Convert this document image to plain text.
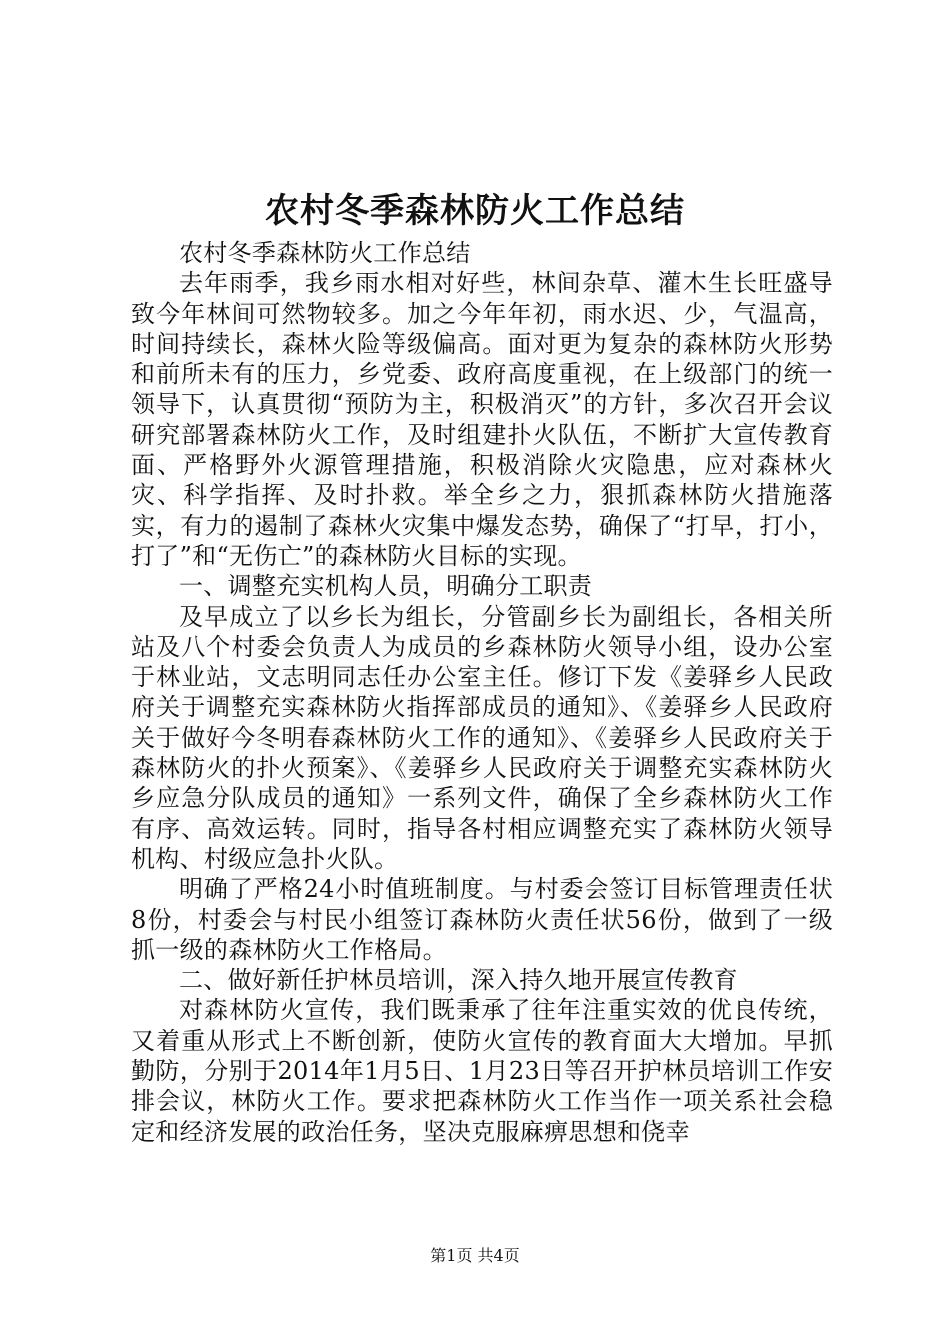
农村冬季森林防火工作总结

农村冬季森林防火工作总结

去年雨季，我乡雨水相对好些，林间杂草、灌木生长旺盛导致今年林间可然物较多。加之今年年初，雨水迟、少，气温高，时间持续长，森林火险等级偏高。面对更为复杂的森林防火形势和前所未有的压力，乡党委、政府高度重视，在上级部门的统一领导下，认真贯彻“预防为主，积极消灭”的方针，多次召开会议研究部署森林防火工作，及时组建扑火队伍，不断扩大宣传教育面、严格野外火源管理措施，积极消除火灾隐患，应对森林火灾、科学指挥、及时扑救。举全乡之力，狠抓森林防火措施落实，有力的遏制了森林火灾集中爆发态势，确保了“打早，打小，打了”和“无伤亡”的森林防火目标的实现。

一、调整充实机构人员，明确分工职责

及早成立了以乡长为组长，分管副乡长为副组长，各相关所站及八个村委会负责人为成员的乡森林防火领导小组，设办公室于林业站，文志明同志任办公室主任。修订下发《姜驿乡人民政府关于调整充实森林防火指挥部成员的通知》、《姜驿乡人民政府关于做好今冬明春森林防火工作的通知》、《姜驿乡人民政府关于森林防火的扑火预案》、《姜驿乡人民政府关于调整充实森林防火乡应急分队成员的通知》一系列文件，确保了全乡森林防火工作有序、高效运转。同时，指导各村相应调整充实了森林防火领导机构、村级应急扑火队。

明确了严格24小时值班制度。与村委会签订目标管理责任状8份，村委会与村民小组签订森林防火责任状56份，做到了一级抓一级的森林防火工作格局。

二、做好新任护林员培训，深入持久地开展宣传教育

对森林防火宣传，我们既秉承了往年注重实效的优良传统，又着重从形式上不断创新，使防火宣传的教育面大大增加。早抓勤防，分别于2014年1月5日、1月23日等召开护林员培训工作安排会议，林防火工作。要求把森林防火工作当作一项关系社会稳定和经济发展的政治任务，坚决克服麻痹思想和侥幸

第1页 共4页
